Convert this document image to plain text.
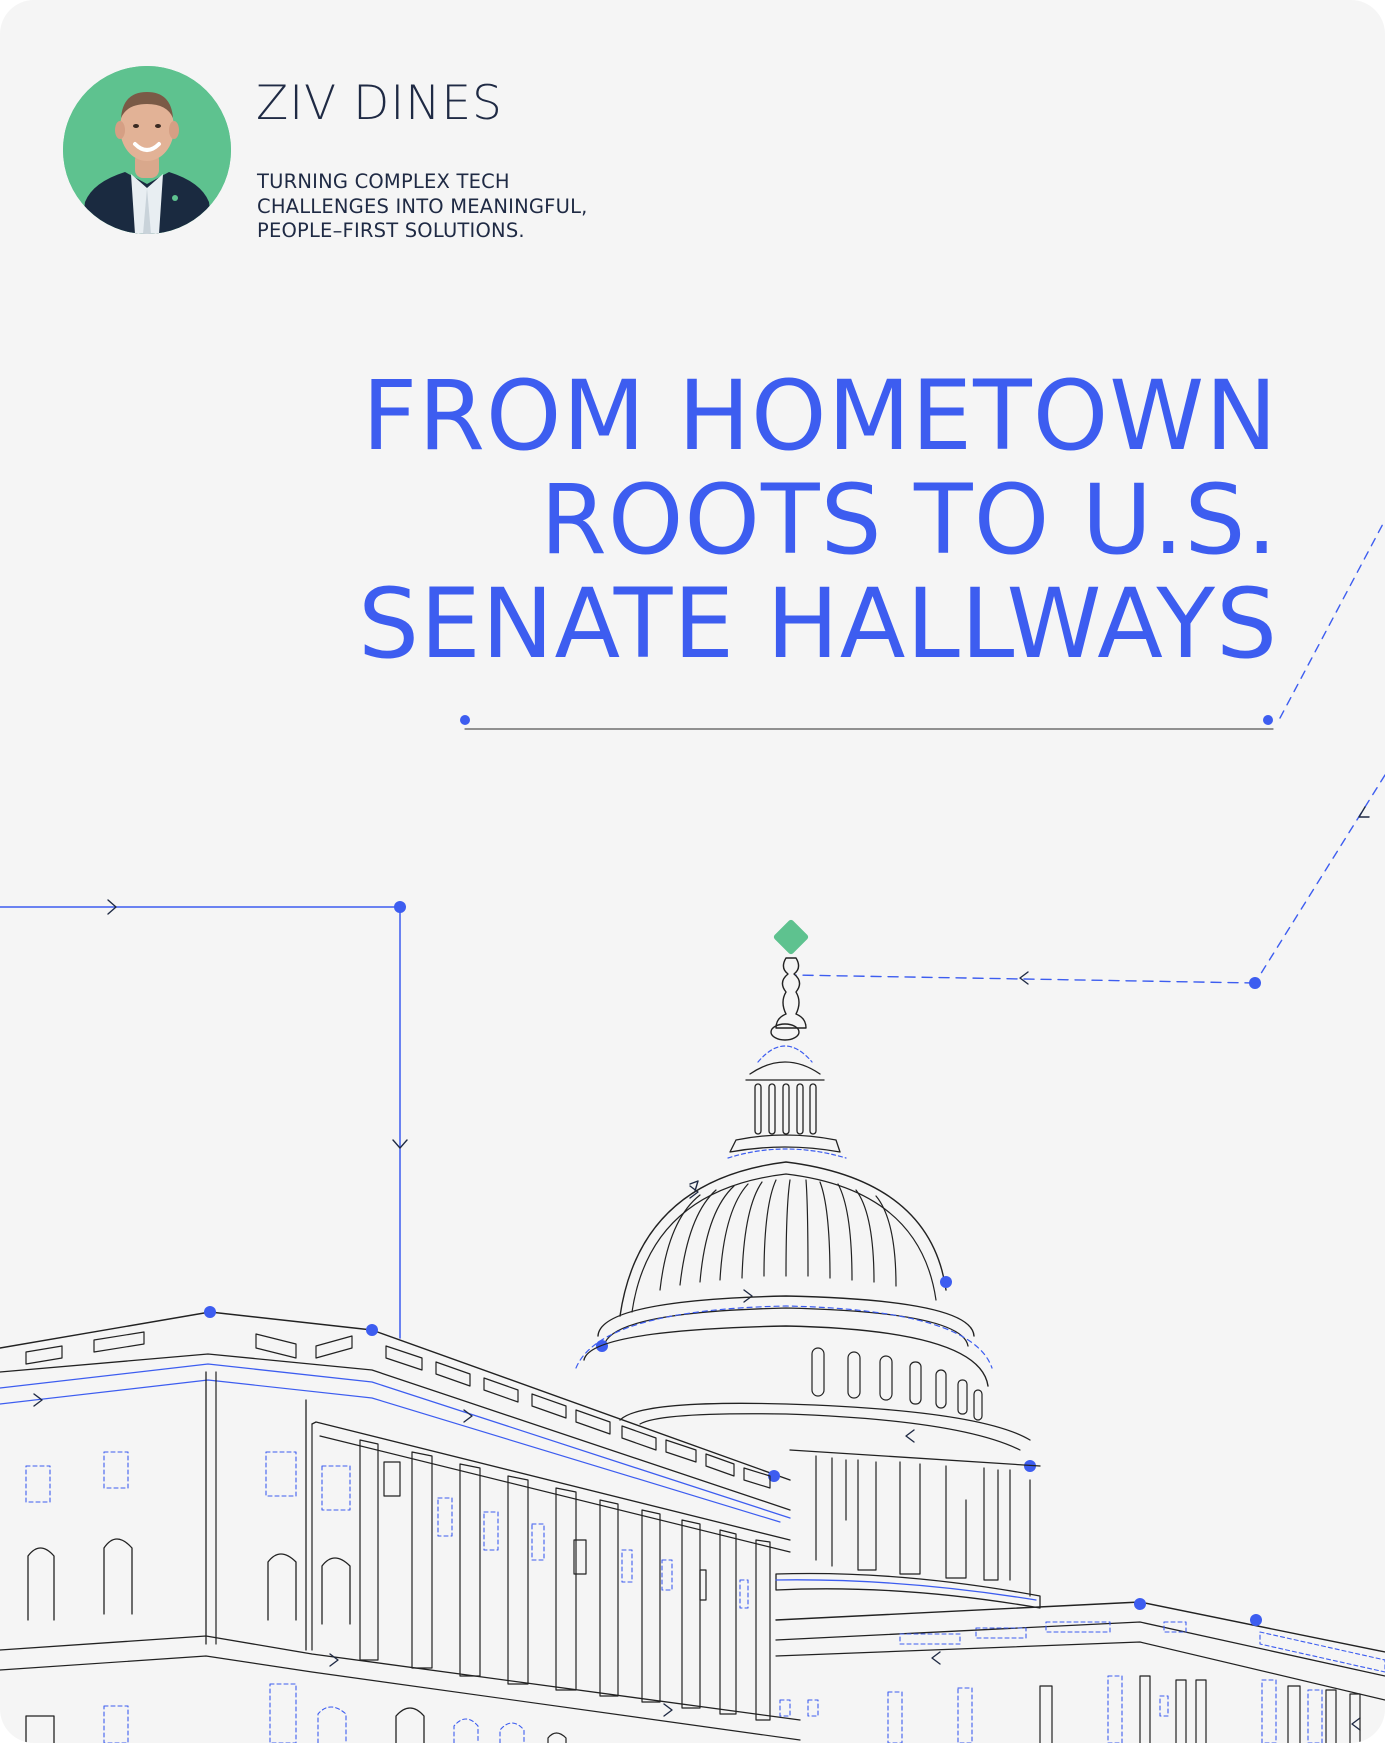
ZIV DINES
TURNING COMPLEX TECH
CHALLENGES INTO MEANINGFUL,
PEOPLE–FIRST SOLUTIONS.
FROM HOMETOWN
ROOTS TO U.S.
SENATE HALLWAYS
